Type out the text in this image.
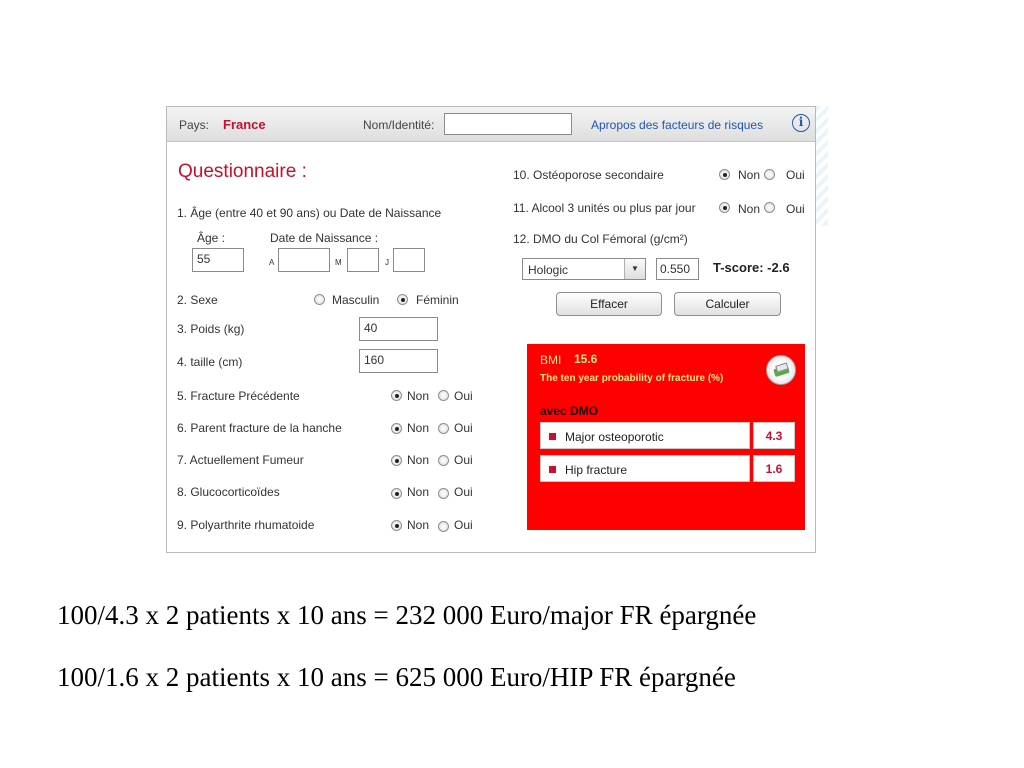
Pays: France	Nom/Identité:	Apropos des facteurs de risques	i
Questionnaire :
1. Âge (entre 40 et 90 ans) ou Date de Naissance
Âge :	Date de Naissance :
55	A	M	J
2. Sexe	Masculin	Féminin
3. Poids (kg)	40
4. taille (cm)	160
5. Fracture Précédente	Non Oui
6. Parent fracture de la hanche	Non Oui
7. Actuellement Fumeur	Non Oui
8. Glucocorticoïdes	Non Oui
9. Polyarthrite rhumatoide	Non Oui
10. Ostéoporose secondaire	Non Oui
11. Alcool 3 unités ou plus par jour	Non Oui
12. DMO du Col Fémoral (g/cm²)
Hologic	▼	0.550	T-score: -2.6
Effacer	Calculer
BMI 15.6
The ten year probability of fracture (%)
avec DMO
Major osteoporotic	4.3
Hip fracture	1.6
100/4.3 x 2 patients x 10 ans = 232 000 Euro/major FR épargnée
100/1.6 x 2 patients x 10 ans = 625 000 Euro/HIP FR épargnée
